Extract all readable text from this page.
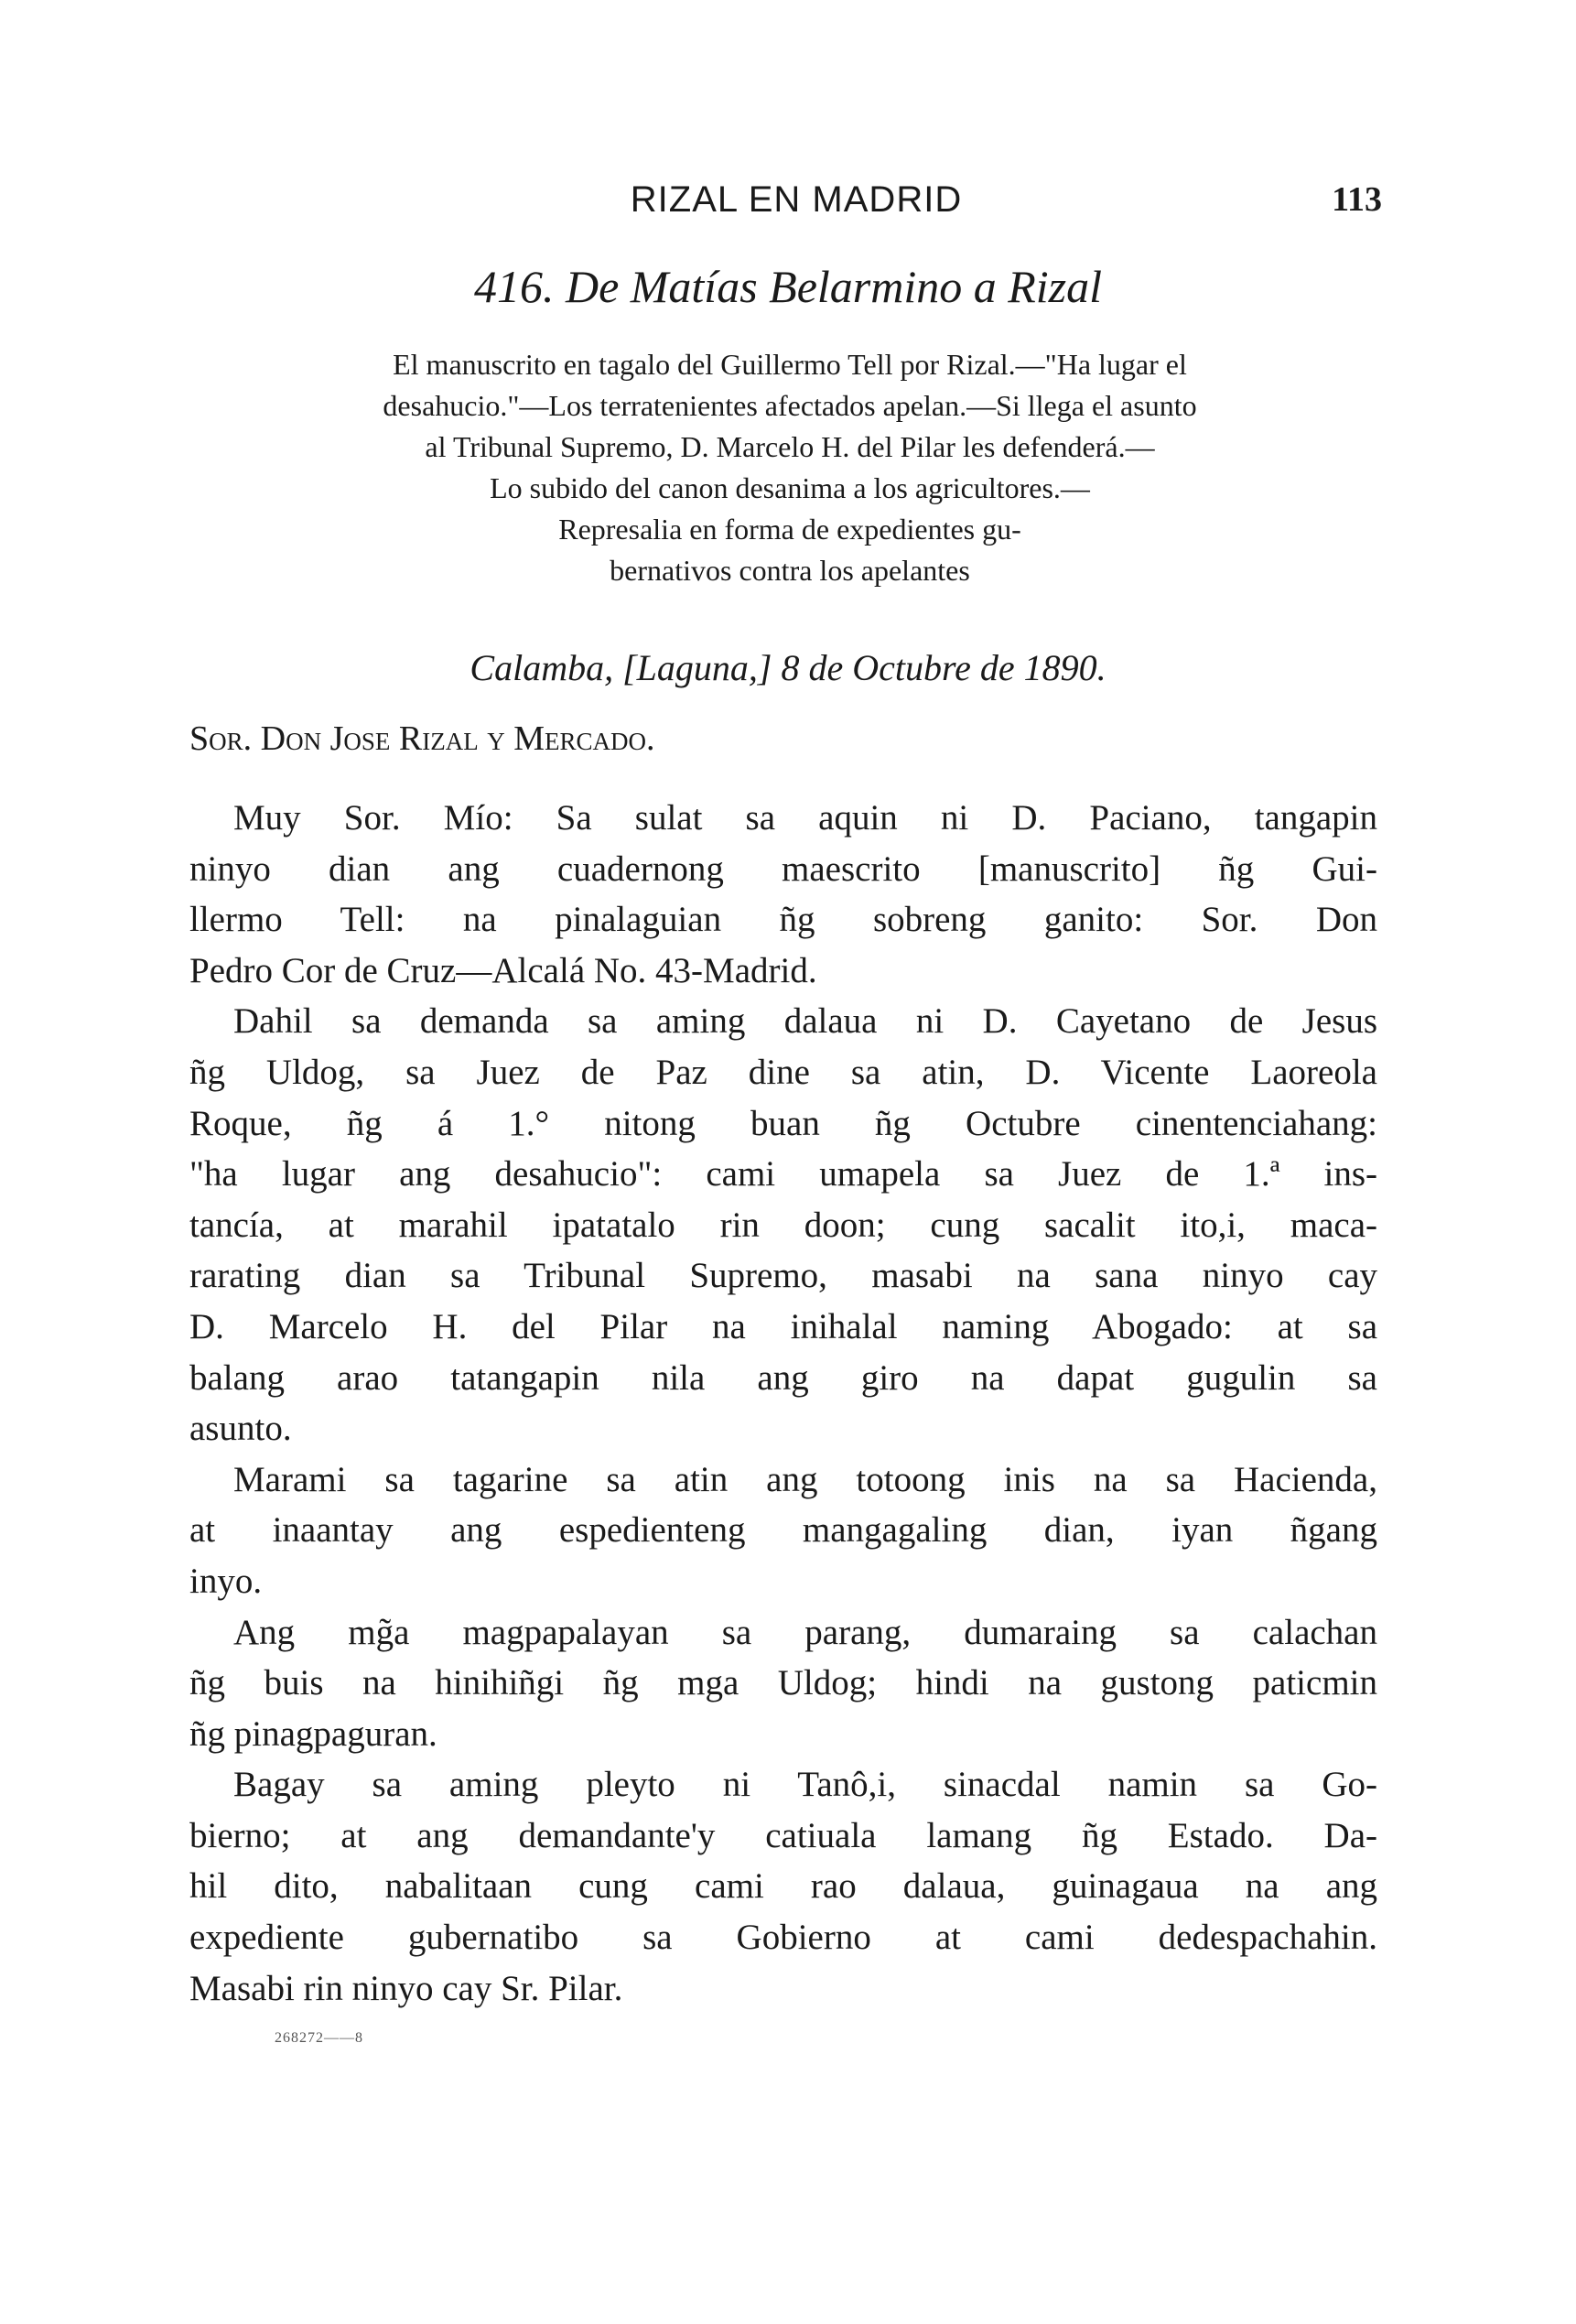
RIZAL EN MADRID	113
416. De Matías Belarmino a Rizal
El manuscrito en tagalo del Guillermo Tell por Rizal.—"Ha lugar el
desahucio."—Los terratenientes afectados apelan.—Si llega el asunto
al Tribunal Supremo, D. Marcelo H. del Pilar les defenderá.—
Lo subido del canon desanima a los agricultores.—
Represalia en forma de expedientes gu-
bernativos contra los apelantes
Calamba, [Laguna,] 8 de Octubre de 1890.
Sor. Don Jose Rizal y Mercado.
Muy Sor. Mío: Sa sulat sa aquin ni D. Paciano, tangapin
ninyo dian ang cuadernong maescrito [manuscrito] ñg Gui-
llermo Tell: na pinalaguian ñg sobreng ganito: Sor. Don
Pedro Cor de Cruz—Alcalá No. 43-Madrid.
Dahil sa demanda sa aming dalaua ni D. Cayetano de Jesus
ñg Uldog, sa Juez de Paz dine sa atin, D. Vicente Laoreola
Roque, ñg á 1.° nitong buan ñg Octubre cinentenciahang:
"ha lugar ang desahucio": cami umapela sa Juez de 1.ª ins-
tancía, at marahil ipatatalo rin doon; cung sacalit ito,i, maca-
rarating dian sa Tribunal Supremo, masabi na sana ninyo cay
D. Marcelo H. del Pilar na inihalal naming Abogado: at sa
balang arao tatangapin nila ang giro na dapat gugulin sa
asunto.
Marami sa tagarine sa atin ang totoong inis na sa Hacienda,
at inaantay ang espedienteng mangagaling dian, iyan ñgang
inyo.
Ang mg̃a magpapalayan sa parang, dumaraing sa calachan
ñg buis na hinihiñgi ñg mga Uldog; hindi na gustong paticmin
ñg pinagpaguran.
Bagay sa aming pleyto ni Tanô,i, sinacdal namin sa Go-
bierno; at ang demandante'y catiuala lamang ñg Estado. Da-
hil dito, nabalitaan cung cami rao dalaua, guinagaua na ang
expediente gubernatibo sa Gobierno at cami dedespachahin.
Masabi rin ninyo cay Sr. Pilar.
268272——8
